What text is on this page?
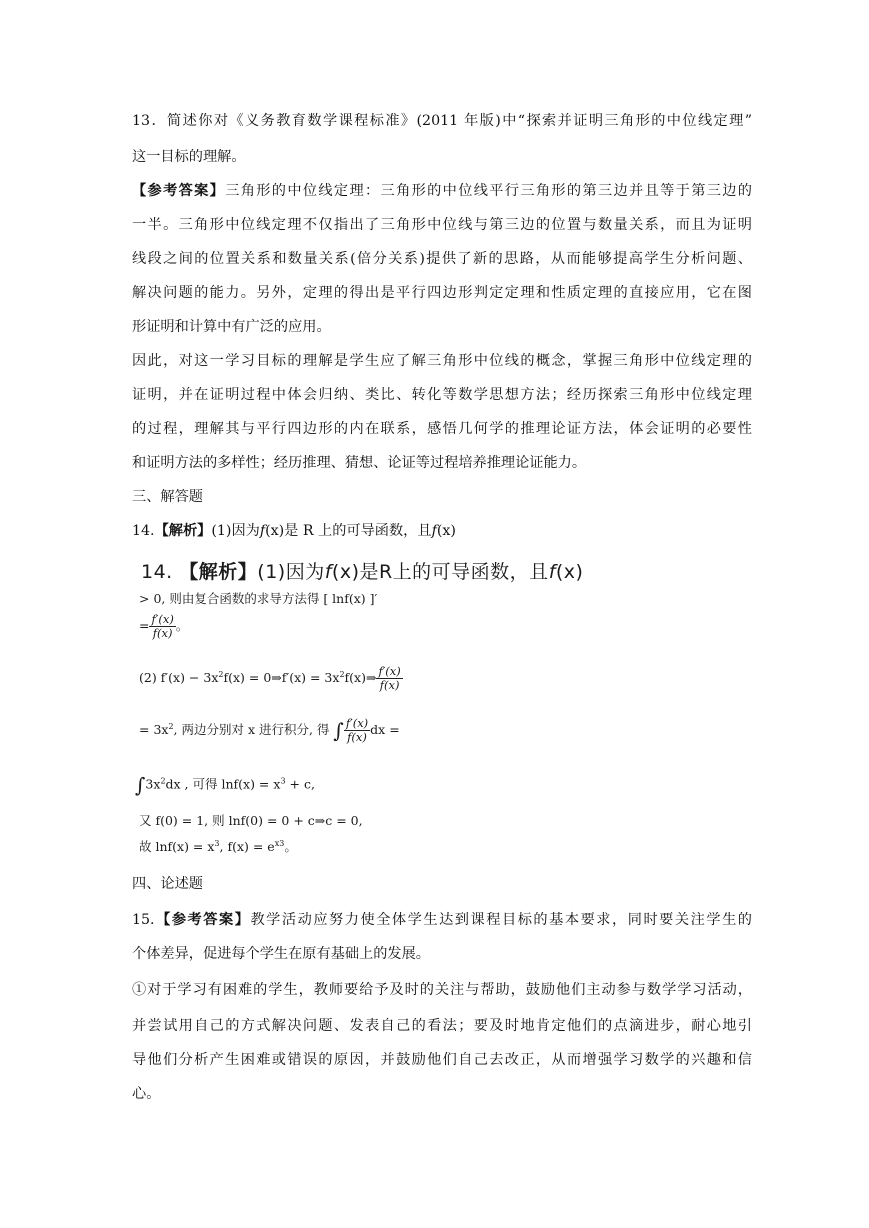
13．简述你对《义务教育数学课程标准》(2011 年版)中“探索并证明三角形的中位线定理”
这一目标的理解。
【参考答案】三角形的中位线定理：三角形的中位线平行三角形的第三边并且等于第三边的
一半。三角形中位线定理不仅指出了三角形中位线与第三边的位置与数量关系，而且为证明
线段之间的位置关系和数量关系(倍分关系)提供了新的思路，从而能够提高学生分析问题、
解决问题的能力。另外，定理的得出是平行四边形判定定理和性质定理的直接应用，它在图
形证明和计算中有广泛的应用。
因此，对这一学习目标的理解是学生应了解三角形中位线的概念，掌握三角形中位线定理的
证明，并在证明过程中体会归纳、类比、转化等数学思想方法；经历探索三角形中位线定理
的过程，理解其与平行四边形的内在联系，感悟几何学的推理论证方法，体会证明的必要性
和证明方法的多样性；经历推理、猜想、论证等过程培养推理论证能力。
三、解答题
14.【解析】(1)因为f(x)是 R 上的可导函数，且f(x)
14. 【解析】(1)因为f(x)是R上的可导函数，且f(x)
> 0, 则由复合函数的求导方法得 [ lnf(x) ]′
= $\frac{f'(x)}{f(x)}$ 。
(2) $f'(x) - 3x^2f(x)$ = 0⇒f′(x) = $3x^2f(x)\Rightarrow \frac{f'(x)}{f(x)}$
= $3x^2$, 两边分别对 x 进行积分, 得 ∫ $\frac{f'(x)}{f(x)}$ dx =
$\int 3x^2dx$ , 可得 $\ln f(x) = x^3 + c$,
又 f(0) = 1, 则 lnf(0) = 0 + c⇒c = 0,
故 $\ln f(x) = x^3$, $f(x) = e^{x3}$。
四、论述题
15.【参考答案】教学活动应努力使全体学生达到课程目标的基本要求，同时要关注学生的
个体差异，促进每个学生在原有基础上的发展。
①对于学习有困难的学生，教师要给予及时的关注与帮助，鼓励他们主动参与数学学习活动，
并尝试用自己的方式解决问题、发表自己的看法；要及时地肯定他们的点滴进步，耐心地引
导他们分析产生困难或错误的原因，并鼓励他们自己去改正，从而增强学习数学的兴趣和信
心。
